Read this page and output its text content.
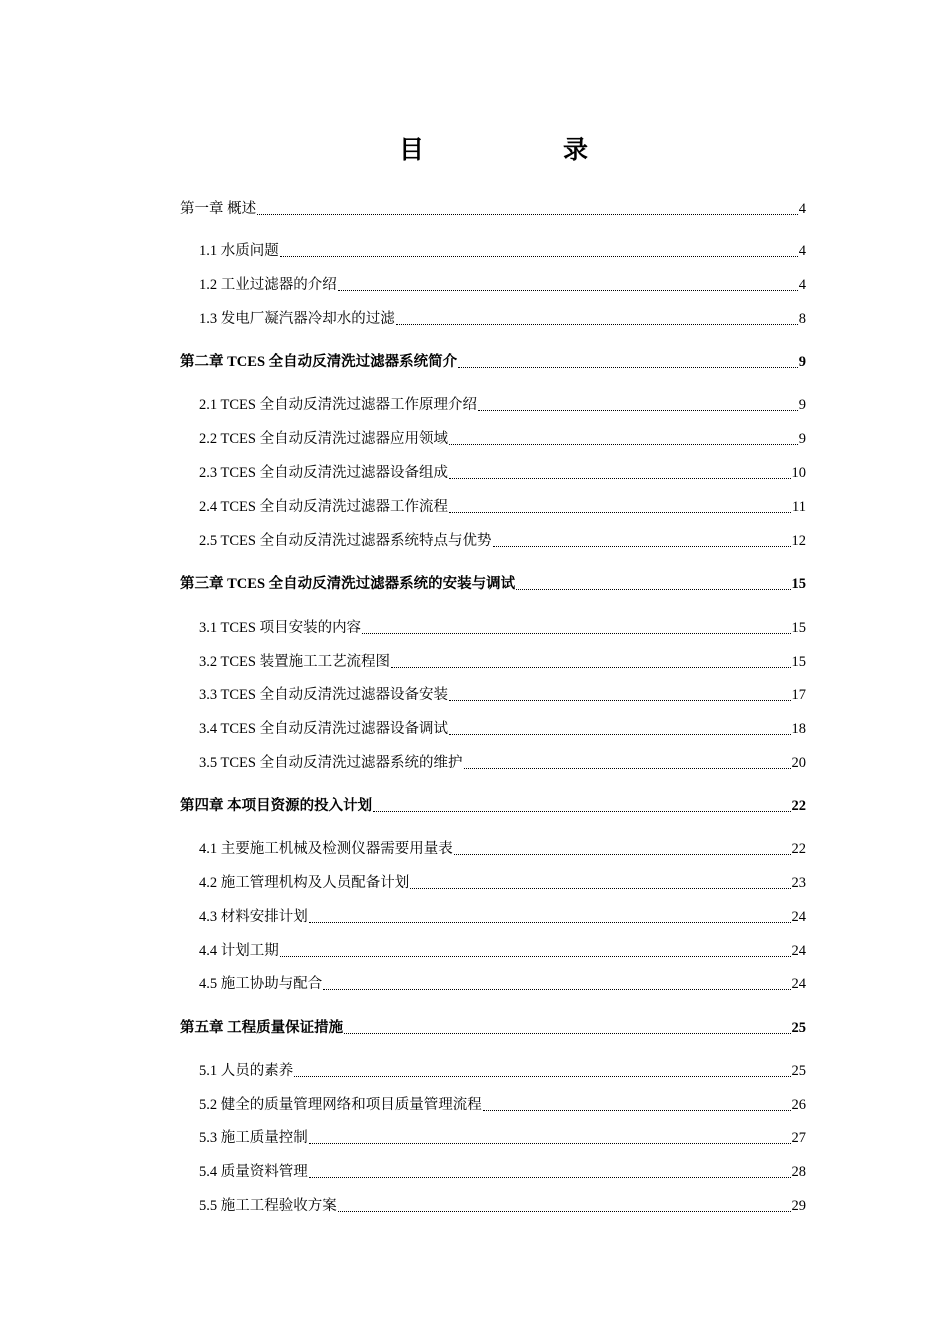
目	录
第一章 概述	4
1.1 水质问题	4
1.2 工业过滤器的介绍	4
1.3 发电厂凝汽器冷却水的过滤	8
第二章 TCES 全自动反清洗过滤器系统简介	9
2.1 TCES 全自动反清洗过滤器工作原理介绍	9
2.2 TCES 全自动反清洗过滤器应用领域	9
2.3 TCES 全自动反清洗过滤器设备组成	10
2.4 TCES 全自动反清洗过滤器工作流程	11
2.5 TCES 全自动反清洗过滤器系统特点与优势	12
第三章 TCES 全自动反清洗过滤器系统的安装与调试	15
3.1 TCES 项目安装的内容	15
3.2 TCES 装置施工工艺流程图	15
3.3 TCES 全自动反清洗过滤器设备安装	17
3.4 TCES 全自动反清洗过滤器设备调试	18
3.5 TCES 全自动反清洗过滤器系统的维护	20
第四章 本项目资源的投入计划	22
4.1 主要施工机械及检测仪器需要用量表	22
4.2 施工管理机构及人员配备计划	23
4.3 材料安排计划	24
4.4 计划工期	24
4.5 施工协助与配合	24
第五章 工程质量保证措施	25
5.1 人员的素养	25
5.2 健全的质量管理网络和项目质量管理流程	26
5.3 施工质量控制	27
5.4 质量资料管理	28
5.5 施工工程验收方案	29
